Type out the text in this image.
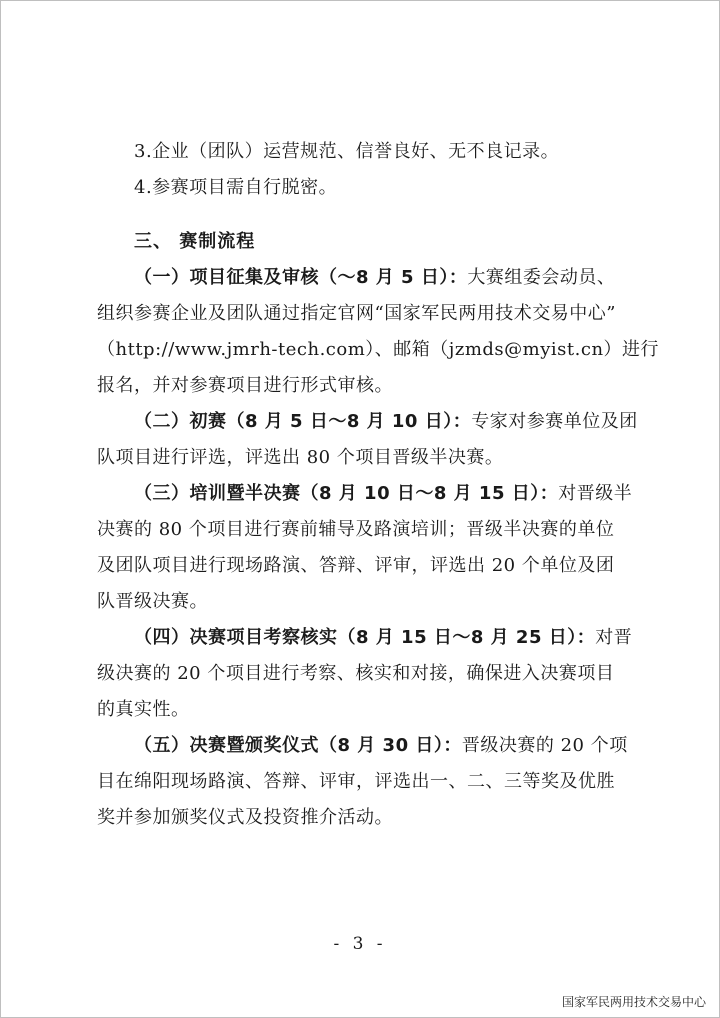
3.企业（团队）运营规范、信誉良好、无不良记录。
4.参赛项目需自行脱密。
三、 赛制流程
（一）项目征集及审核（～8 月 5 日）：大赛组委会动员、
组织参赛企业及团队通过指定官网“国家军民两用技术交易中心”
（http://www.jmrh-tech.com）、邮箱（jzmds@myist.cn）进行
报名，并对参赛项目进行形式审核。
（二）初赛（8 月 5 日～8 月 10 日）：专家对参赛单位及团
队项目进行评选，评选出 80 个项目晋级半决赛。
（三）培训暨半决赛（8 月 10 日～8 月 15 日）：对晋级半
决赛的 80 个项目进行赛前辅导及路演培训；晋级半决赛的单位
及团队项目进行现场路演、答辩、评审，评选出 20 个单位及团
队晋级决赛。
（四）决赛项目考察核实（8 月 15 日～8 月 25 日）：对晋
级决赛的 20 个项目进行考察、核实和对接，确保进入决赛项目
的真实性。
（五）决赛暨颁奖仪式（8 月 30 日）：晋级决赛的 20 个项
目在绵阳现场路演、答辩、评审，评选出一、二、三等奖及优胜
奖并参加颁奖仪式及投资推介活动。
- 3 -
国家军民两用技术交易中心
